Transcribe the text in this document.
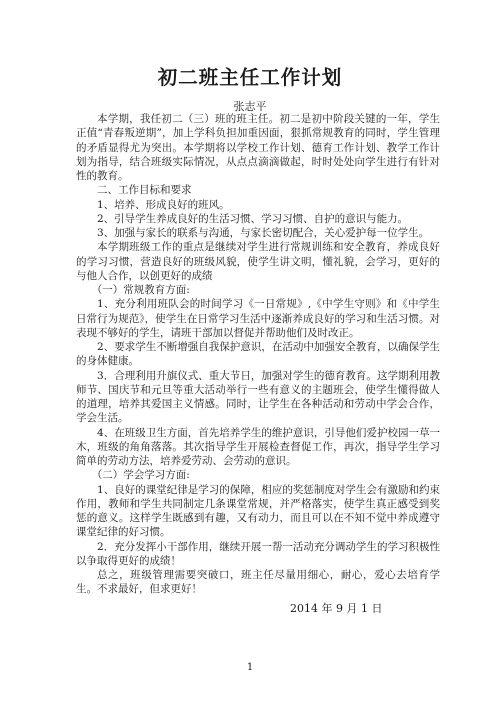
初二班主任工作计划
张志平

本学期，我任初二（三）班的班主任。初二是初中阶段关键的一年，学生正值“青春叛逆期”，加上学科负担加重因面，狠抓常规教育的同时，学生管理的矛盾显得尤为突出。本学期将以学校工作计划、德育工作计划、教学工作计划为指导，结合班级实际情况，从点点滴滴做起，时时处处向学生进行有针对性的教育。

二、工作目标和要求

1、培养、形成良好的班风。

2、引导学生养成良好的生活习惯、学习习惯、自护的意识与能力。

3、加强与家长的联系与沟通，与家长密切配合，关心爱护每一位学生。

本学期班级工作的重点是继续对学生进行常规训练和安全教育，养成良好的学习习惯，营造良好的班级风貌，使学生讲文明，懂礼貌，会学习，更好的与他人合作，以创更好的成绩

（一）常规教育方面:

1、充分利用班队会的时间学习《一日常规》,《中学生守则》和《中学生日常行为规范》，使学生在日常学习生活中逐渐养成良好的学习和生活习惯。对表现不够好的学生，请班干部加以督促并帮助他们及时改正。

2、要求学生不断增强自我保护意识，在活动中加强安全教育，以确保学生的身体健康。

3．合理利用升旗仪式、重大节日，加强对学生的德育教育。这学期利用教师节、国庆节和元旦等重大活动举行一些有意义的主题班会，使学生懂得做人的道理，培养其爱国主义情感。同时，让学生在各种活动和劳动中学会合作，学会生活。

4、在班级卫生方面，首先培养学生的维护意识，引导他们爱护校园一草一木，班级的角角落落。其次指导学生开展检查督促工作，再次，指导学生学习简单的劳动方法，培养爱劳动、会劳动的意识。

（二）学会学习方面:

1、良好的课堂纪律是学习的保障，相应的奖惩制度对学生会有激励和约束作用，教师和学生共同制定几条课堂常规，并严格落实，使学生真正感受到奖惩的意义。这样学生既感到有趣，又有动力，而且可以在不知不觉中养成遵守课堂纪律的好习惯。

2．充分发挥小干部作用，继续开展一帮一活动充分调动学生的学习积极性以争取得更好的成绩！

总之，班级管理需要突破口，班主任尽量用细心，耐心，爱心去培育学生。不求最好，但求更好！

2014 年 9 月 1 日
1
